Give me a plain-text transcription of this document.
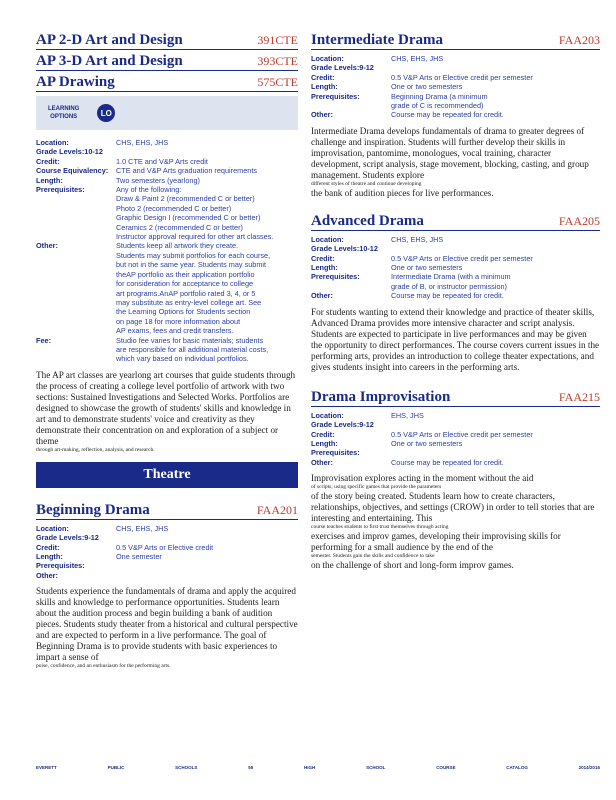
AP 2-D Art and Design	391CTE
AP 3-D Art and Design	393CTE
AP Drawing	575CTE
LEARNING
OPTIONS	LO
Location:	CHS, EHS, JHS
Grade Levels:10-12

Credit:	1.0 CTE and V&P Arts credit
Course Equivalency:	CTE and V&P Arts graduation requirements
Length:	Two semesters (yearlong)
Prerequisites:	Any of the following:
Draw & Paint 2 (recommended C or better)
Photo 2 (recommended C or better)
Graphic Design I (recommended C or better)
Ceramics 2 (recommended C or better)
Instructor approval required for other art classes.
Other:	Students keep all artwork they create.
Students may submit portfolios for each course,
but not in the same year. Students may submit
theAP portfolio as their application portfolio
for consideration for acceptance to college
art programs.AnAP portfolio rated 3, 4, or 5
may substitute as entry-level college art. See
the Learning Options for Students section
on page 18 for more information about
AP exams, fees and credit transfers.
Fee:	Studio fee varies for basic materials; students
are responsible for all additional material costs,
which vary based on individual portfolios.
The AP art classes are yearlong art courses that guide students through the process of creating a college level portfolio of artwork with two sections: Sustained Investigations and Selected Works. Portfolios are designed to showcase the growth of students' skills and knowledge in art and to demonstrate students' voice and creativity as they demonstrate their concentration on and exploration of a subject or theme
through art-making, reflection, analysis, and research.
Theatre
Beginning Drama	FAA201
Location:	CHS, EHS, JHS
Grade Levels:9-12

Credit:	0.5 V&P Arts or Elective credit
Length:	One semester
Prerequisites:

Other:

Students experience the fundamentals of drama and apply the acquired skills and knowledge to performance opportunities. Students learn about the audition process and begin building a bank of audition pieces. Students study theater from a historical and cultural perspective and are expected to perform in a live performance. The goal of Beginning Drama is to provide students with basic experiences to impart a sense of
poise, confidence, and an enthusiasm for the performing arts.
Intermediate Drama	FAA203
Location:	CHS, EHS, JHS
Grade Levels:9-12

Credit:	0.5 V&P Arts or Elective credit per semester
Length:	One or two semesters
Prerequisites:	Beginning Drama (a minimum
grade of C is recommended)
Other:	Course may be repeated for credit.
Intermediate Drama develops fundamentals of drama to greater degrees of challenge and inspiration. Students will further develop their skills in improvisation, pantomime, monologues, vocal training, character development, script analysis, stage movement, blocking, casting, and group management. Students explore
different styles of theatre and continue developing
the bank of audition pieces for live performances.
Advanced Drama	FAA205
Location:	CHS, EHS, JHS
Grade Levels:10-12

Credit:	0.5 V&P Arts or Elective credit per semester
Length:	One or two semesters
Prerequisites:	Intermediate Drama (with a minimum
grade of B, or instructor permission)
Other:	Course may be repeated for credit.
For students wanting to extend their knowledge and practice of theater skills, Advanced Drama provides more intensive character and script analysis. Students are expected to participate in live performances and may be given the opportunity to direct performances. The course covers current issues in the performing arts, provides an introduction to college theater expectations, and gives students insight into careers in the performing arts.
Drama Improvisation	FAA215
Location:	EHS, JHS
Grade Levels:9-12

Credit:	0.5 V&P Arts or Elective credit per semester
Length:	One or two semesters
Prerequisites:

Other:	Course may be repeated for credit.
Improvisation explores acting in the moment without the aid
of scripts, using specific games that provide the parameters
of the story being created. Students learn how to create characters, relationships, objectives, and settings (CROW) in order to tell stories that are interesting and entertaining. This
course teaches students to first trust themselves through acting
exercises and improv games, developing their improvising skills for performing for a small audience by the end of the
semester. Students gain the skills and confidence to take
on the challenge of short and long-form improv games.
EVERETT	PUBLIC	SCHOOLS	55	HIGH	SCHOOL	COURSE	CATALOG	2014/2015
